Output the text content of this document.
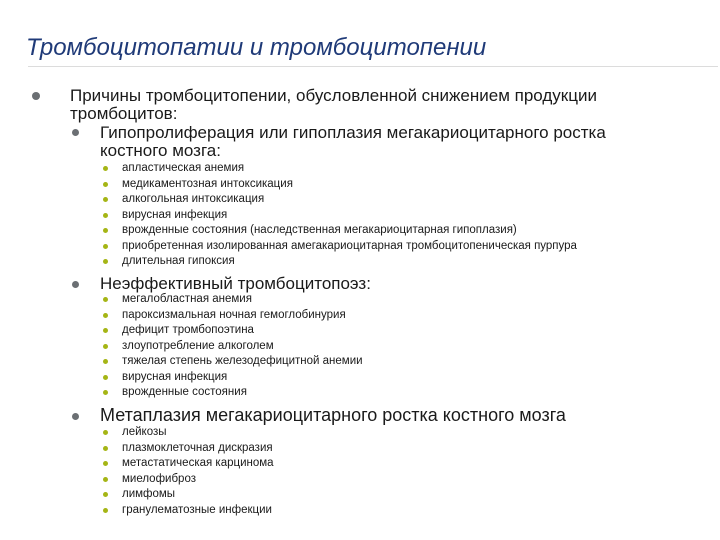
Тромбоцитопатии и тромбоцитопении
Причины тромбоцитопении, обусловленной снижением продукции
тромбоцитов:
Гипопролиферация или гипоплазия мегакариоцитарного ростка
костного мозга:
апластическая анемия
медикаментозная интоксикация
алкогольная интоксикация
вирусная инфекция
врожденные состояния (наследственная мегакариоцитарная гипоплазия)
приобретенная изолированная амегакариоцитарная тромбоцитопеническая пурпура
длительная гипоксия
Неэффективный тромбоцитопоэз:
мегалобластная анемия
пароксизмальная ночная гемоглобинурия
дефицит тромбопоэтина
злоупотребление алкоголем
тяжелая степень железодефицитной анемии
вирусная инфекция
врожденные состояния
Метаплазия мегакариоцитарного ростка костного мозга
лейкозы
плазмоклеточная дискразия
метастатическая карцинома
миелофиброз
лимфомы
гранулематозные инфекции
